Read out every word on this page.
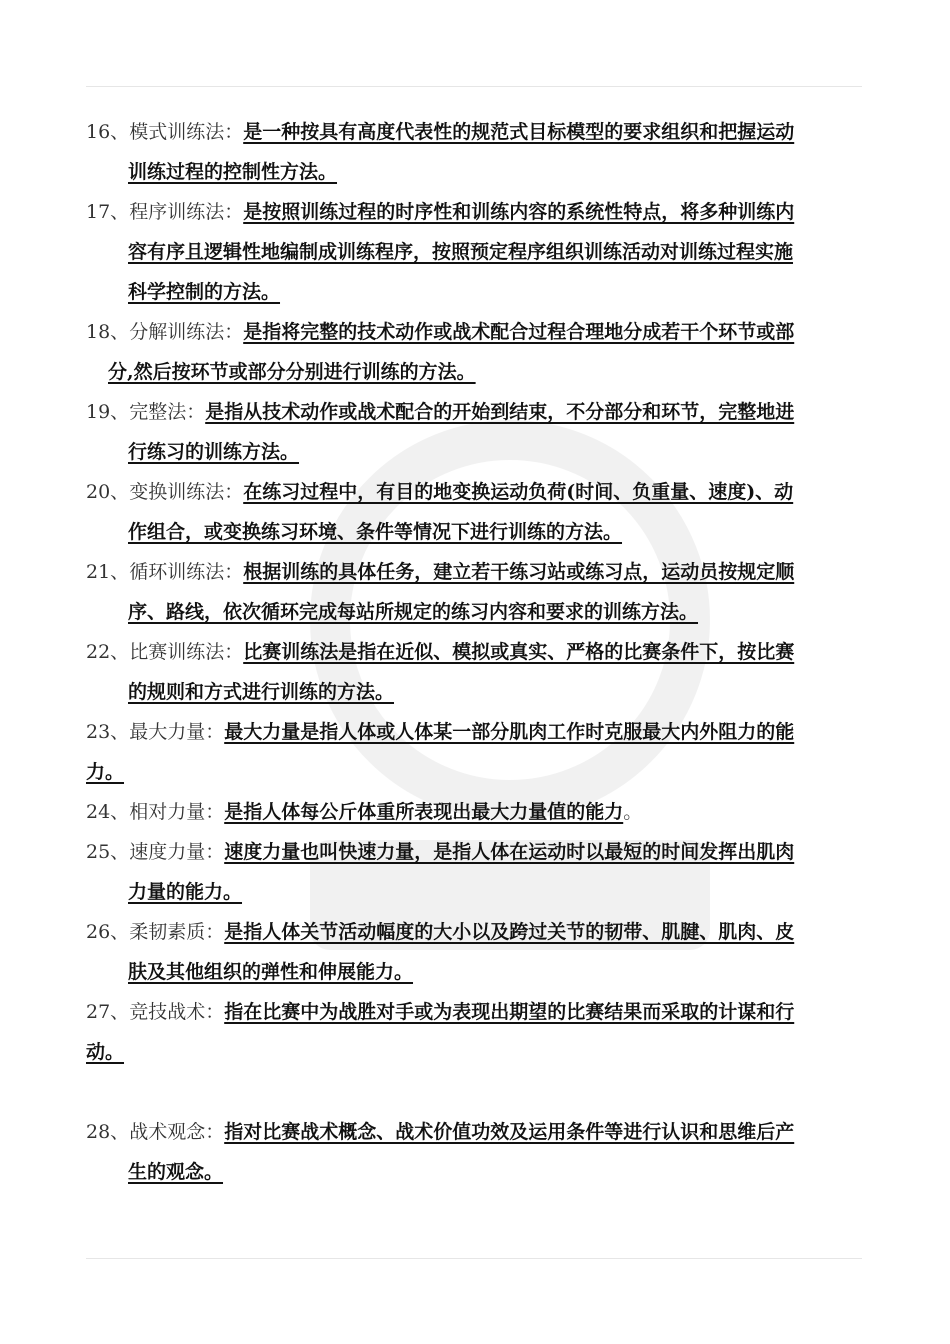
16、模式训练法：是一种按具有高度代表性的规范式目标模型的要求组织和把握运动
训练过程的控制性方法。
17、程序训练法：是按照训练过程的时序性和训练内容的系统性特点，将多种训练内
容有序且逻辑性地编制成训练程序，按照预定程序组织训练活动对训练过程实施
科学控制的方法。
18、分解训练法：是指将完整的技术动作或战术配合过程合理地分成若干个环节或部
分,然后按环节或部分分别进行训练的方法。
19、完整法：是指从技术动作或战术配合的开始到结束，不分部分和环节，完整地进
行练习的训练方法。
20、变换训练法：在练习过程中，有目的地变换运动负荷(时间、负重量、速度)、动
作组合，或变换练习环境、条件等情况下进行训练的方法。
21、循环训练法：根据训练的具体任务，建立若干练习站或练习点，运动员按规定顺
序、路线，依次循环完成每站所规定的练习内容和要求的训练方法。
22、比赛训练法：比赛训练法是指在近似、模拟或真实、严格的比赛条件下，按比赛
的规则和方式进行训练的方法。
23、最大力量：最大力量是指人体或人体某一部分肌肉工作时克服最大内外阻力的能
力。
24、相对力量：是指人体每公斤体重所表现出最大力量值的能力。
25、速度力量：速度力量也叫快速力量，是指人体在运动时以最短的时间发挥出肌肉
力量的能力。
26、柔韧素质：是指人体关节活动幅度的大小以及跨过关节的韧带、肌腱、肌肉、皮
肤及其他组织的弹性和伸展能力。
27、竞技战术：指在比赛中为战胜对手或为表现出期望的比赛结果而采取的计谋和行
动。
28、战术观念：指对比赛战术概念、战术价值功效及运用条件等进行认识和思维后产
生的观念。
